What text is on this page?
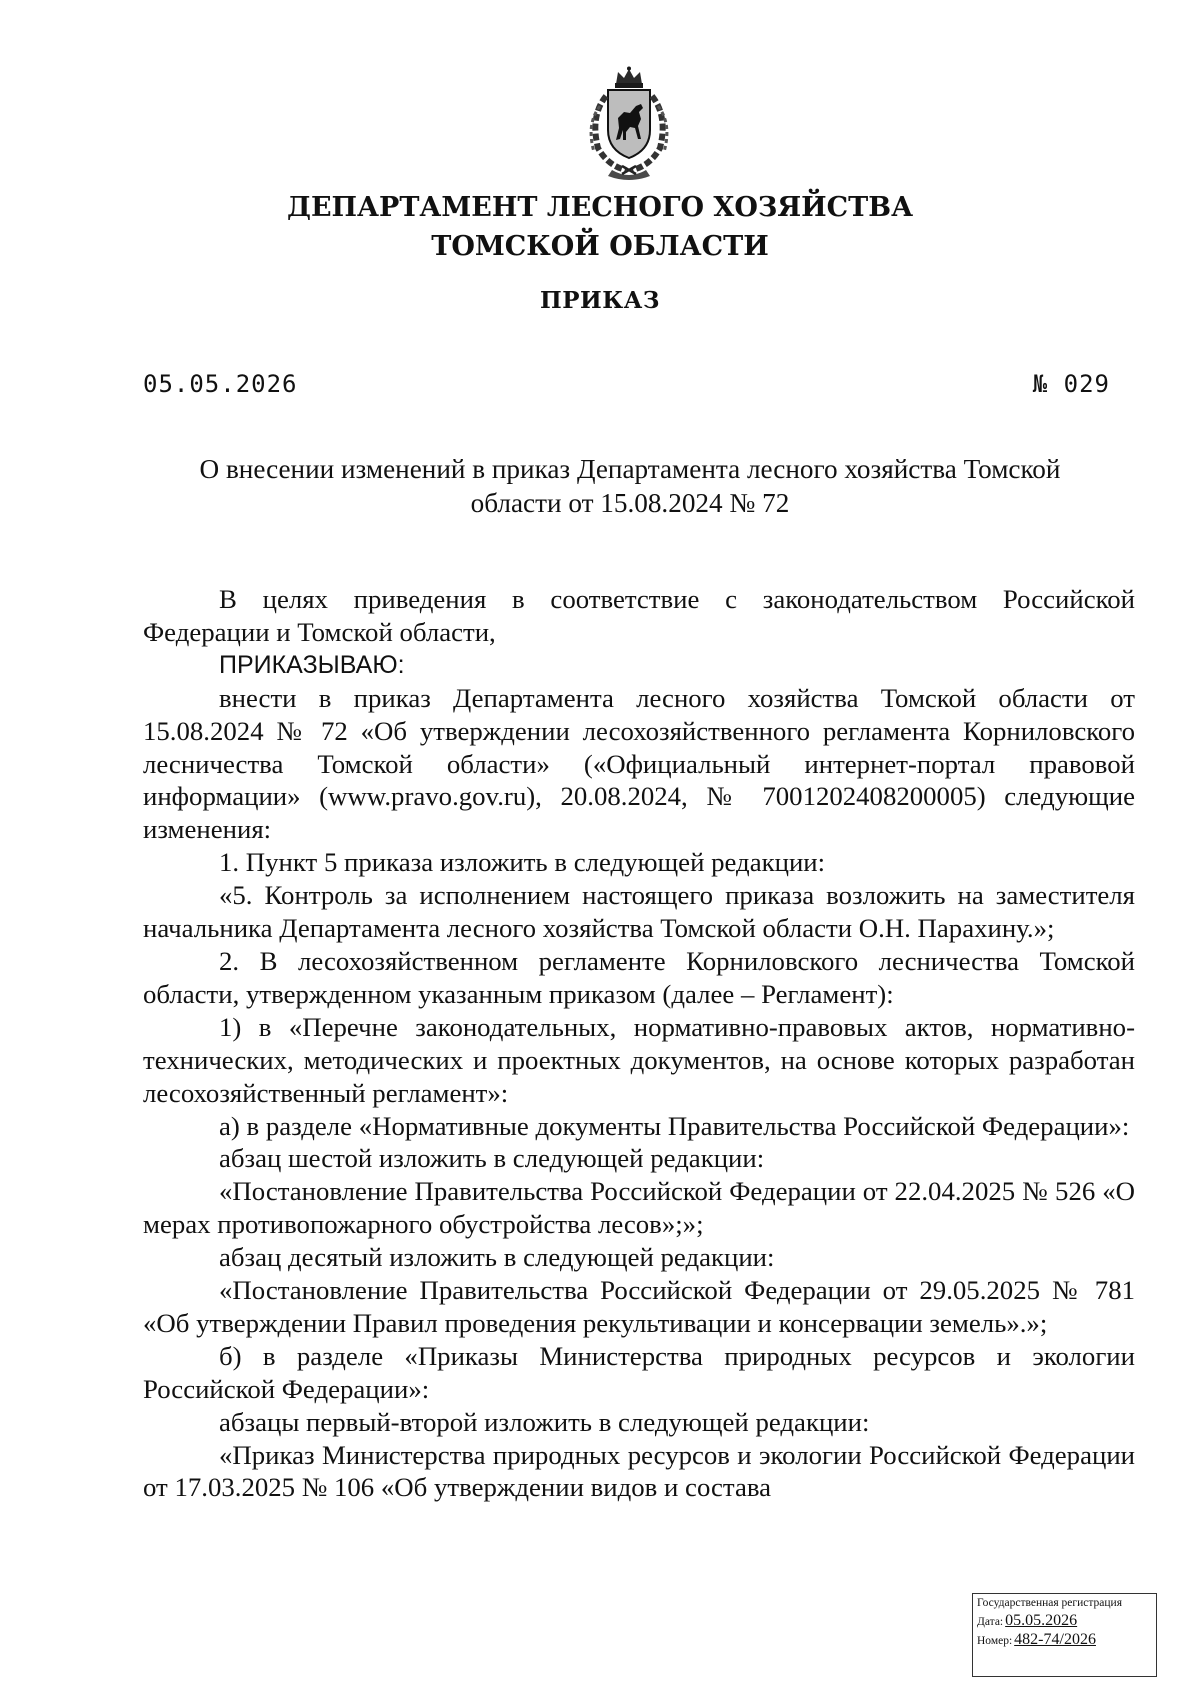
ДЕПАРТАМЕНТ ЛЕСНОГО ХОЗЯЙСТВА
ТОМСКОЙ ОБЛАСТИ
ПРИКАЗ
05.05.2026	№ 029
О внесении изменений в приказ Департамента лесного хозяйства Томской области от 15.08.2024 № 72

В целях приведения в соответствие с законодательством Российской Федерации и Томской области,

ПРИКАЗЫВАЮ:

внести в приказ Департамента лесного хозяйства Томской области от 15.08.2024 № 72 «Об утверждении лесохозяйственного регламента Корниловского лесничества Томской области» («Официальный интернет-портал правовой информации» (www.pravo.gov.ru), 20.08.2024, № 7001202408200005) следующие изменения:

1. Пункт 5 приказа изложить в следующей редакции:

«5. Контроль за исполнением настоящего приказа возложить на заместителя начальника Департамента лесного хозяйства Томской области О.Н. Парахину.»;

2. В лесохозяйственном регламенте Корниловского лесничества Томской области, утвержденном указанным приказом (далее – Регламент):

1) в «Перечне законодательных, нормативно-правовых актов, нормативно-технических, методических и проектных документов, на основе которых разработан лесохозяйственный регламент»:

а) в разделе «Нормативные документы Правительства Российской Федерации»:

абзац шестой изложить в следующей редакции:

«Постановление Правительства Российской Федерации от 22.04.2025 № 526 «О мерах противопожарного обустройства лесов»;»;

абзац десятый изложить в следующей редакции:

«Постановление Правительства Российской Федерации от 29.05.2025 № 781 «Об утверждении Правил проведения рекультивации и консервации земель».»;

б) в разделе «Приказы Министерства природных ресурсов и экологии Российской Федерации»:

абзацы первый-второй изложить в следующей редакции:

«Приказ Министерства природных ресурсов и экологии Российской Федерации от 17.03.2025 № 106 «Об утверждении видов и состава

Государственная регистрация
Дата: 05.05.2026
Номер: 482-74/2026
